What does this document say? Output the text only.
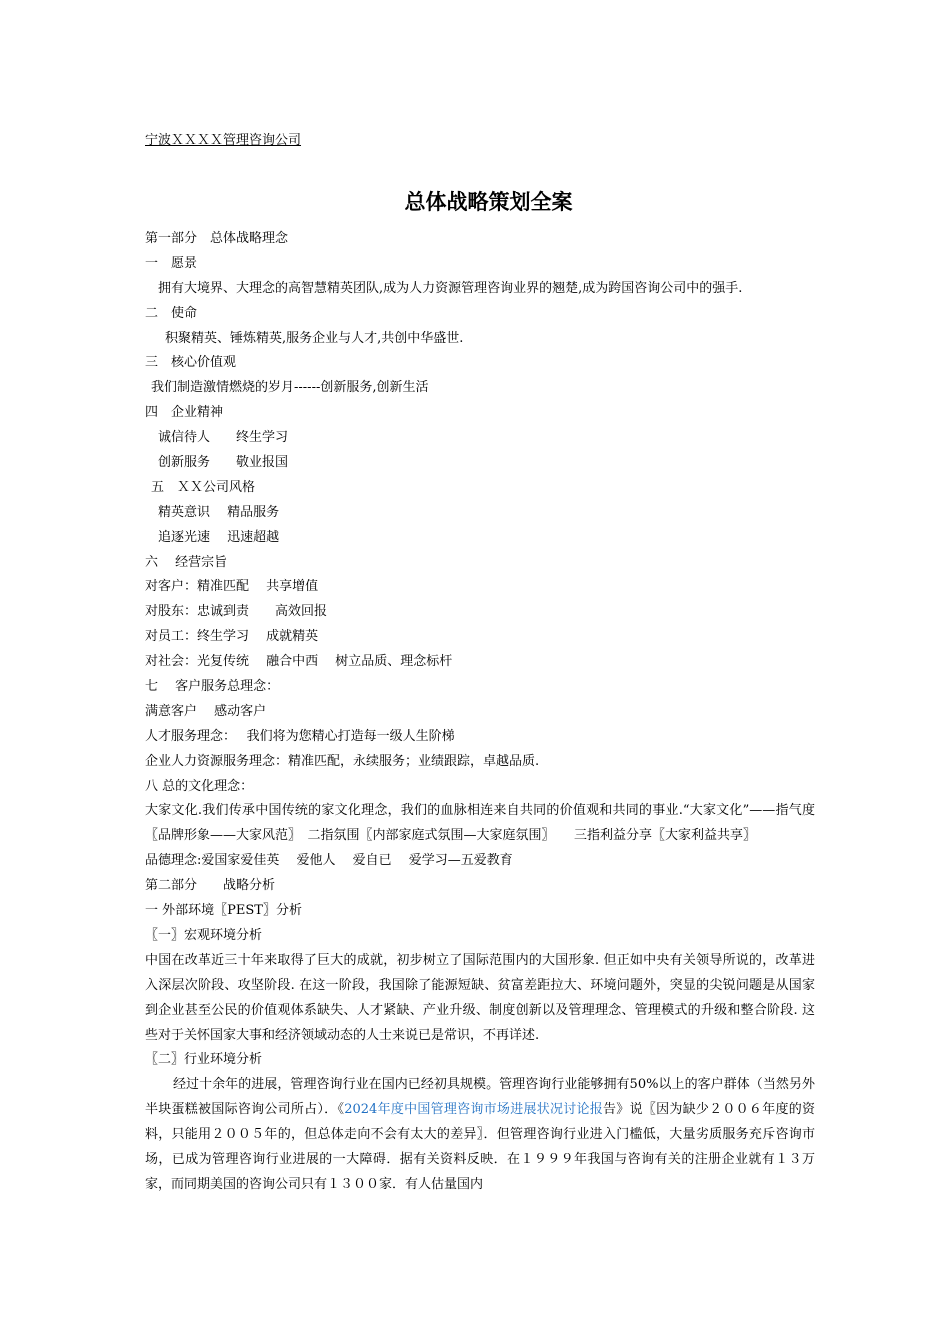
宁波ＸＸＸＸ管理咨询公司
总体战略策划全案
第一部分　总体战略理念
一　愿景
拥有大境界、大理念的高智慧精英团队,成为人力资源管理咨询业界的翘楚,成为跨国咨询公司中的强手.
二　使命
积聚精英、锤炼精英,服务企业与人才,共创中华盛世.
三　核心价值观
我们制造激情燃烧的岁月------创新服务,创新生活
四　企业精神
诚信待人　　终生学习
创新服务　　敬业报国
五　ＸＸ公司风格
精英意识　 精品服务
追逐光速　 迅速超越
六　 经营宗旨
对客户：精准匹配　 共享增值
对股东：忠诚到责　　高效回报
对员工：终生学习　 成就精英
对社会：光复传统　 融合中西　 树立品质、理念标杆
七　 客户服务总理念：
满意客户　 感动客户
人才服务理念：　 我们将为您精心打造每一级人生阶梯
企业人力资源服务理念：精准匹配，永续服务；业绩跟踪，卓越品质.
八 总的文化理念：
大家文化.我们传承中国传统的家文化理念，我们的血脉相连来自共同的价值观和共同的事业.“大家文化”——指气度〖品牌形象——大家风范〗　二指氛围〖内部家庭式氛围—大家庭氛围〗　　三指利益分享〖大家利益共享〗
品德理念:爱国家爱佳英　 爱他人　 爱自已　 爱学习—五爱教育
第二部分　　战略分析
一 外部环境〖PEST〗分析
〖一〗宏观环境分析
中国在改革近三十年来取得了巨大的成就，初步树立了国际范围内的大国形象. 但正如中央有关领导所说的，改革进入深层次阶段、攻坚阶段. 在这一阶段，我国除了能源短缺、贫富差距拉大、环境问题外，突显的尖锐问题是从国家到企业甚至公民的价值观体系缺失、人才紧缺、产业升级、制度创新以及管理理念、管理模式的升级和整合阶段. 这些对于关怀国家大事和经济领域动态的人士来说已是常识，不再详述.
〖二〗行业环境分析
经过十余年的进展，管理咨询行业在国内已经初具规模。管理咨询行业能够拥有50%以上的客户群体（当然另外半块蛋糕被国际咨询公司所占）．《2024年度中国管理咨询市场进展状况讨论报告》说〖因为缺少２００６年度的资料，只能用２００５年的，但总体走向不会有太大的差异〗．但管理咨询行业进入门槛低，大量劣质服务充斥咨询市场，已成为管理咨询行业进展的一大障碍．据有关资料反映．在１９９９年我国与咨询有关的注册企业就有１３万家，而同期美国的咨询公司只有１３００家．有人估量国内
